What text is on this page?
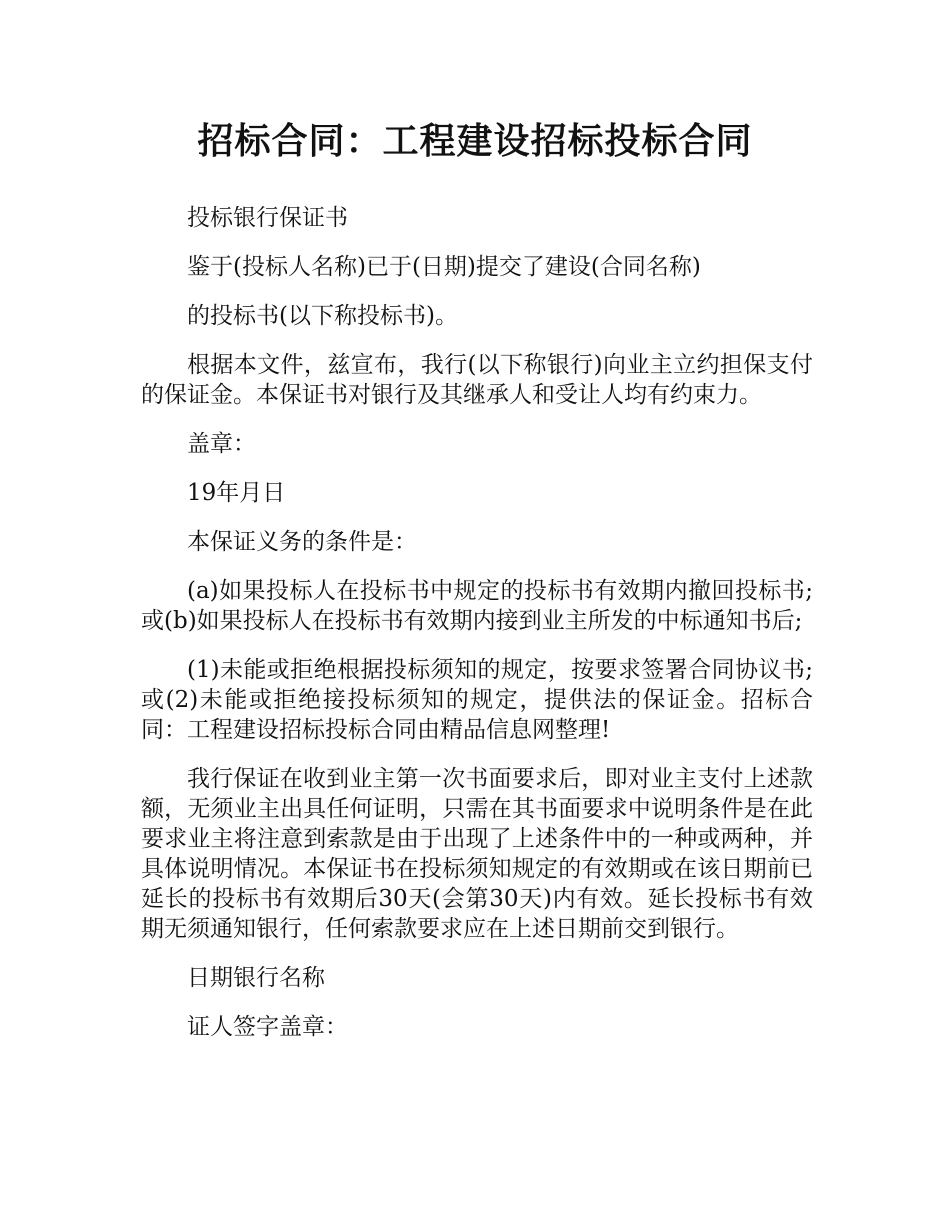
招标合同：工程建设招标投标合同

投标银行保证书

鉴于(投标人名称)已于(日期)提交了建设(合同名称)

的投标书(以下称投标书)。

根据本文件，兹宣布，我行(以下称银行)向业主立约担保支付的保证金。本保证书对银行及其继承人和受让人均有约束力。

盖章：

19年月日

本保证义务的条件是：

(a)如果投标人在投标书中规定的投标书有效期内撤回投标书;或(b)如果投标人在投标书有效期内接到业主所发的中标通知书后;

(1)未能或拒绝根据投标须知的规定，按要求签署合同协议书;或(2)未能或拒绝接投标须知的规定，提供法的保证金。招标合同：工程建设招标投标合同由精品信息网整理!

我行保证在收到业主第一次书面要求后，即对业主支付上述款额，无须业主出具任何证明，只需在其书面要求中说明条件是在此要求业主将注意到索款是由于出现了上述条件中的一种或两种，并具体说明情况。本保证书在投标须知规定的有效期或在该日期前已延长的投标书有效期后30天(会第30天)内有效。延长投标书有效期无须通知银行，任何索款要求应在上述日期前交到银行。

日期银行名称

证人签字盖章：
